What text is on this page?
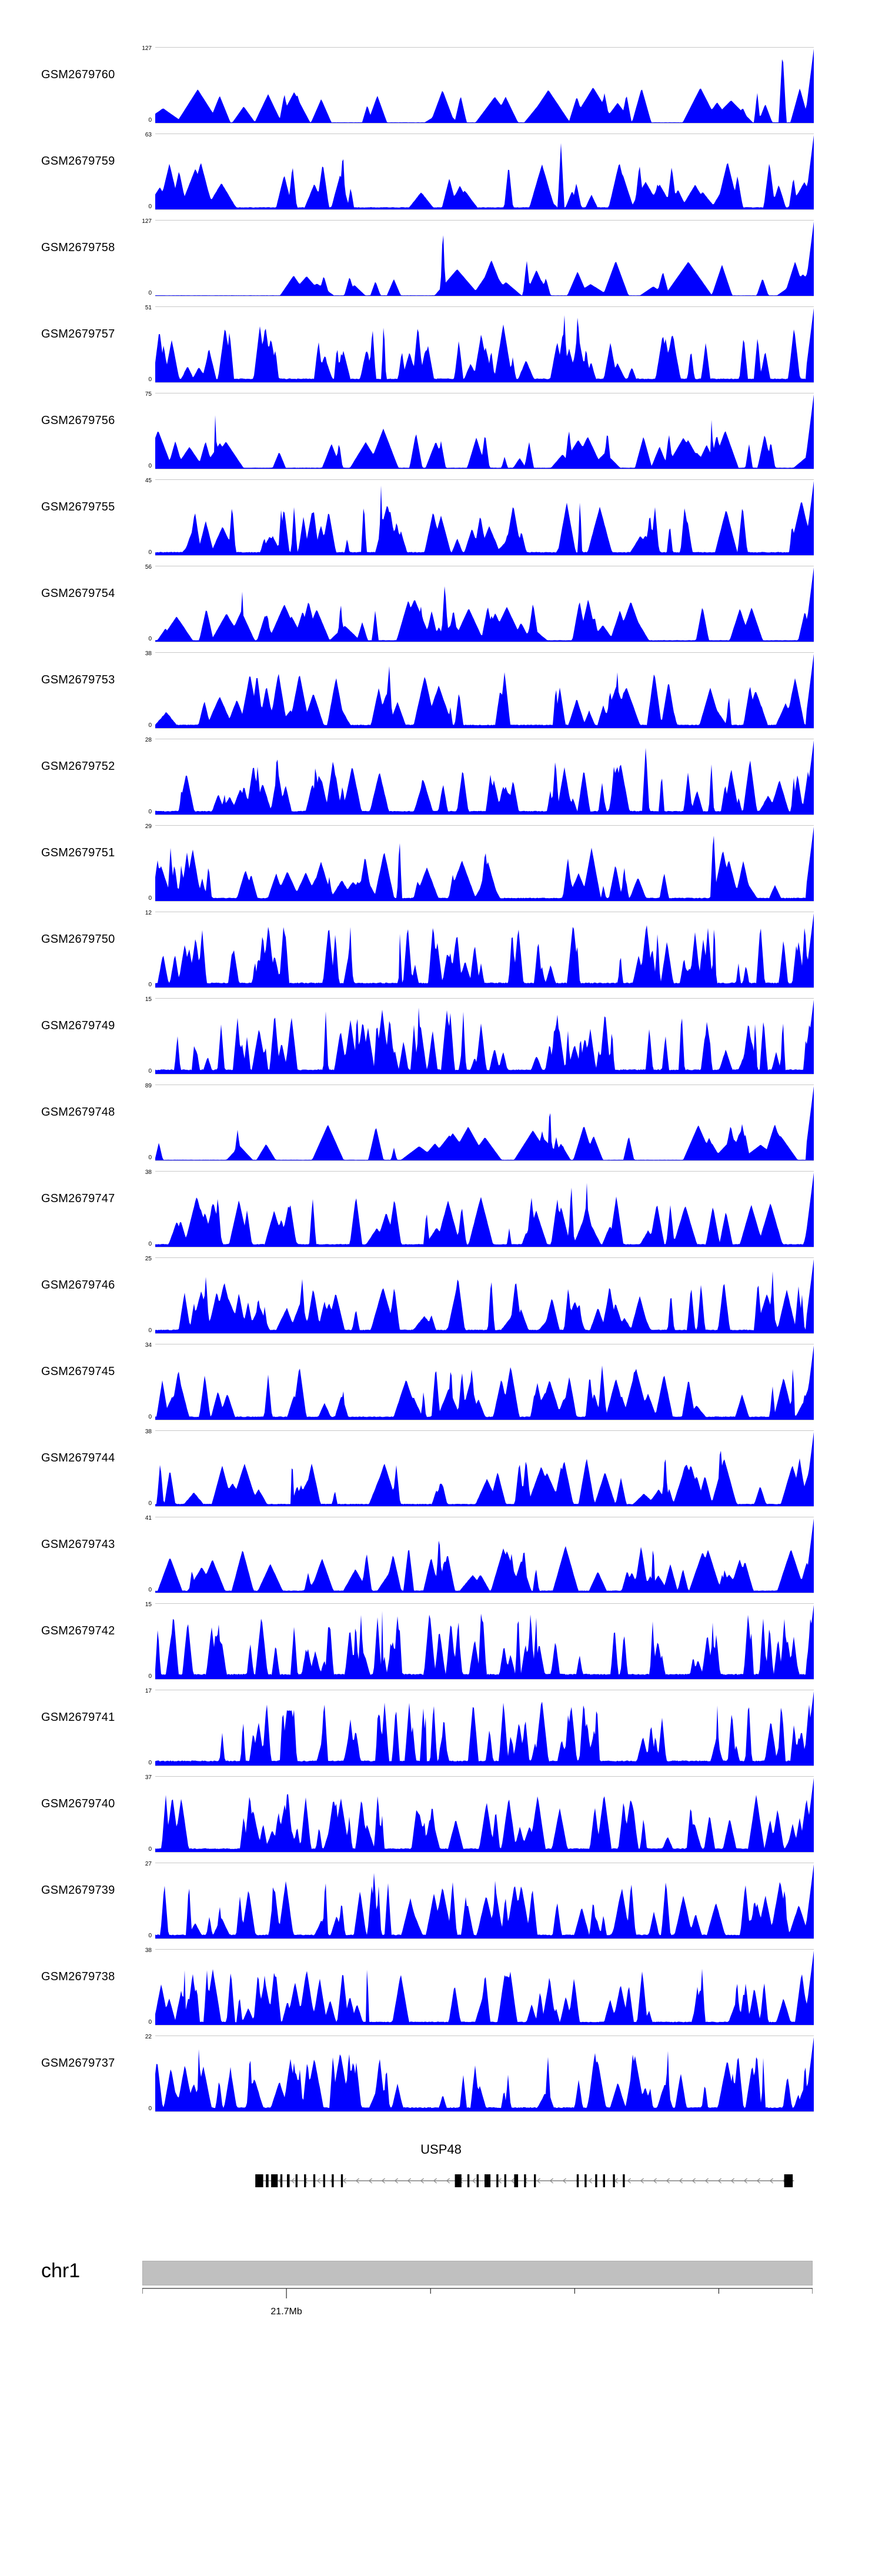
GSM2679760
127
0
GSM2679759
63
0
GSM2679758
127
0
GSM2679757
51
0
GSM2679756
75
0
GSM2679755
45
0
GSM2679754
56
0
GSM2679753
38
0
GSM2679752
28
0
GSM2679751
29
0
GSM2679750
12
0
GSM2679749
15
0
GSM2679748
89
0
GSM2679747
38
0
GSM2679746
25
0
GSM2679745
34
0
GSM2679744
38
0
GSM2679743
41
0
GSM2679742
15
0
GSM2679741
17
0
GSM2679740
37
0
GSM2679739
27
0
GSM2679738
38
0
GSM2679737
22
0
USP48
chr1
21.7Mb
